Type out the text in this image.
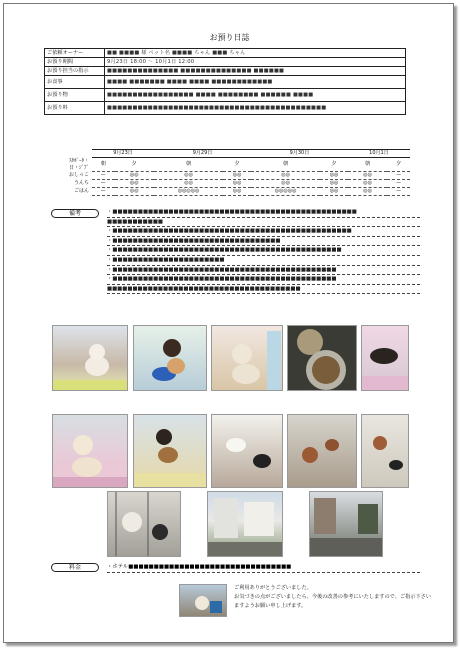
お預り日誌
ご依頼オーナー	■■ ■■■■ 様 ペット名 ■■■■ ちゃん ■■■ ちゃん
お預り期間	9月23日 18:00 〜 10月1日 12:00
お預り担当の指示	■■■■■■■■■■■■■■ ■■■■■■■■■■■■■■ ■■■■■■
お食事	■■■■ ■■■■■■■ ■■■■ ■■■■ ■■■■■■■■■■■■
お預り物	■■■■■■■■■■■■■■■■■ ■■■■ ■■■■■■■■ ■■■■■■ ■■■■
お預り料	■■■■■■■■■■■■■■■■■■■■■■■■■■■■■■■■■■■■■■■■■■■
	9月23日		9月29日		9月30日		10月1日	
ｽﾀﾎﾟｰﾀ・日・ｼﾞﾌﾟ	朝	夕	朝	夕	朝	夕	朝	夕
おしっこ	—	◎◎	◎◎	◎◎	◎◎	◎◎	◎◎	—
うんち	—	◎◎	◎◎	◎◎	◎◎	◎◎	◎◎	—
ごはん	—	◎◎	◎◎◎◎◎	◎◎	◎◎◎◎◎	◎◎	◎◎	—
備考	・■■■■■■■■■■■■■■■■■■■■■■■■■■■■■■■■■■■■■■■■■■■■■■■■
■■■■■■■■■■■
・■■■■■■■■■■■■■■■■■■■■■■■■■■■■■■■■■■■■■■■■■■■■■■■
・■■■■■■■■■■■■■■■■■■■■■■■■■■■■■■■■■
・■■■■■■■■■■■■■■■■■■■■■■■■■■■■■■■■■■■■■■■■■■■■■
・■■■■■■■■■■■■■■■■■■■■■■
・■■■■■■■■■■■■■■■■■■■■■■■■■■■■■■■■■■■■■■■■■■■■
・■■■■■■■■■■■■■■■■■■■■■■■■■■■■■■■■■■■■■■■■■■■■
■■■■■■■■■■■■■■■■■■■■■■■■■■■■■■■■■■■■■■
料金	・ホテル■■■■■■■■■■■■■■■■■■■■■■■■■■■■■■■■
ご利用ありがとうございました。
お気づきの点がございましたら、今後の改善の参考にいたしますので、ご指示下さいますようお願い申し上げます。
